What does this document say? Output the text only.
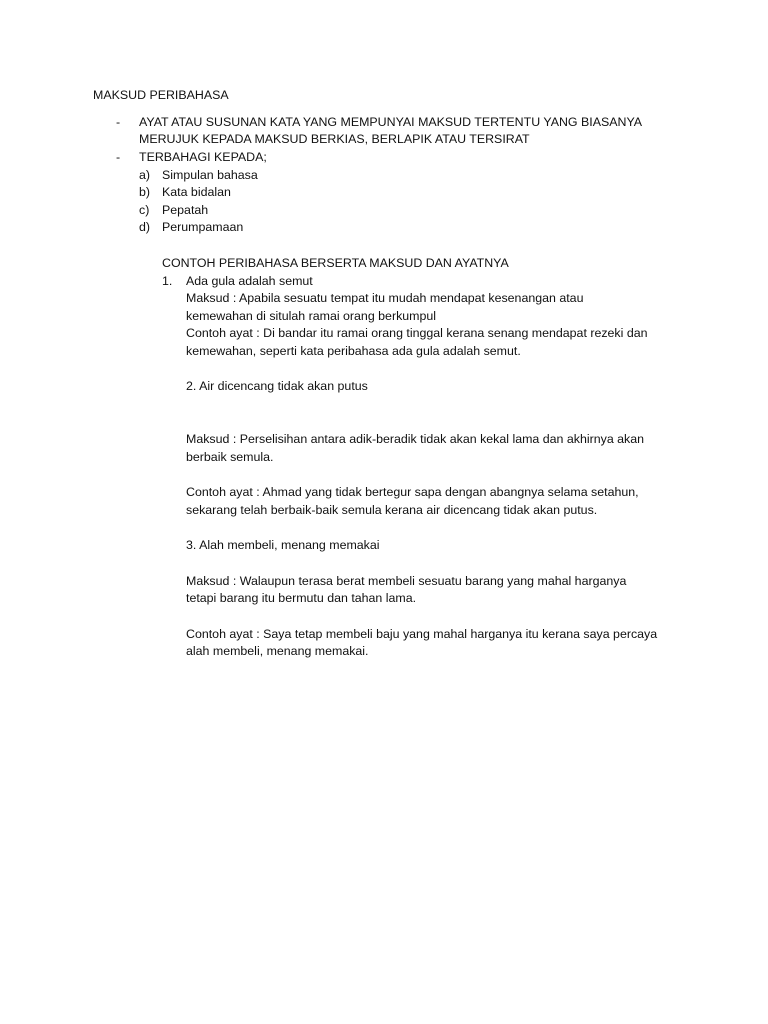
MAKSUD PERIBAHASA
- AYAT ATAU SUSUNAN KATA YANG MEMPUNYAI MAKSUD TERTENTU YANG BIASANYA
MERUJUK KEPADA MAKSUD BERKIAS, BERLAPIK ATAU TERSIRAT
- TERBAHAGI KEPADA;
a) Simpulan bahasa
b) Kata bidalan
c) Pepatah
d) Perumpamaan
CONTOH PERIBAHASA BERSERTA MAKSUD DAN AYATNYA
1. Ada gula adalah semut
Maksud : Apabila sesuatu tempat itu mudah mendapat kesenangan atau
kemewahan di situlah ramai orang berkumpul
Contoh ayat : Di bandar itu ramai orang tinggal kerana senang mendapat rezeki dan
kemewahan, seperti kata peribahasa ada gula adalah semut.
2. Air dicencang tidak akan putus
Maksud : Perselisihan antara adik-beradik tidak akan kekal lama dan akhirnya akan
berbaik semula.
Contoh ayat : Ahmad yang tidak bertegur sapa dengan abangnya selama setahun,
sekarang telah berbaik-baik semula kerana air dicencang tidak akan putus.
3. Alah membeli, menang memakai
Maksud : Walaupun terasa berat membeli sesuatu barang yang mahal harganya
tetapi barang itu bermutu dan tahan lama.
Contoh ayat : Saya tetap membeli baju yang mahal harganya itu kerana saya percaya
alah membeli, menang memakai.
